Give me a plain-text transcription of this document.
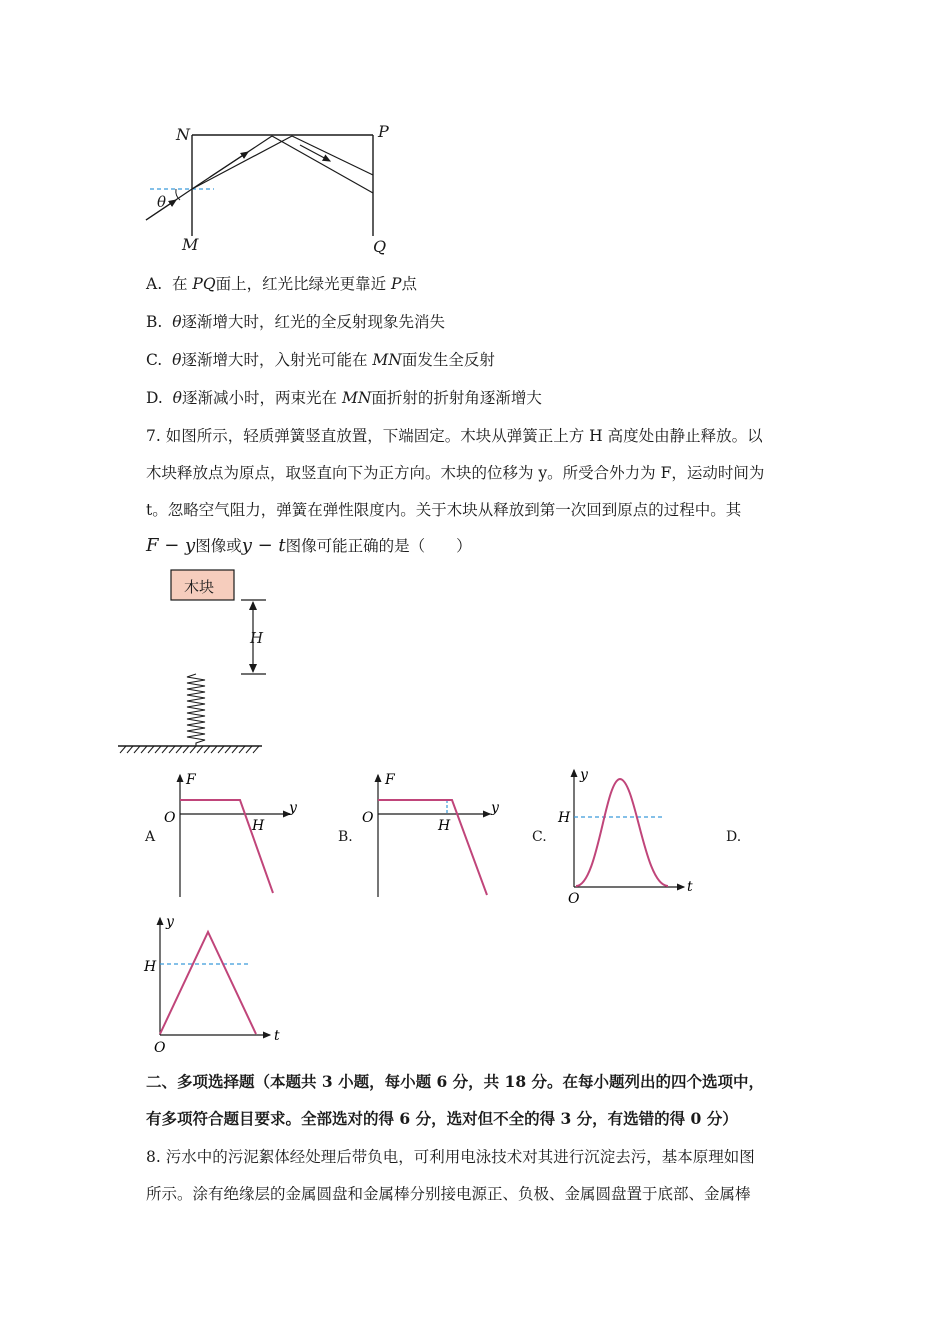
N	P
M	Q
θ
A. 在 PQ面上，红光比绿光更靠近 P点
B. θ逐渐增大时，红光的全反射现象先消失
C. θ逐渐增大时，入射光可能在 MN面发生全反射
D. θ逐渐减小时，两束光在 MN面折射的折射角逐渐增大
7. 如图所示，轻质弹簧竖直放置，下端固定。木块从弹簧正上方 H 高度处由静止释放。以
木块释放点为原点，取竖直向下为正方向。木块的位移为 y。所受合外力为 F，运动时间为
t。忽略空气阻力，弹簧在弹性限度内。关于木块从释放到第一次回到原点的过程中。其
F − y图像或y − t图像可能正确的是（　　）
木块
H
A	B.	C.	D.
F
y
O	H
F
y
O	H
y
t
O
H
y
t
O
H
二、多项选择题（本题共 3 小题，每小题 6 分，共 18 分。在每小题列出的四个选项中，
有多项符合题目要求。全部选对的得 6 分，选对但不全的得 3 分，有选错的得 0 分）
8. 污水中的污泥絮体经处理后带负电，可利用电泳技术对其进行沉淀去污，基本原理如图
所示。涂有绝缘层的金属圆盘和金属棒分别接电源正、负极、金属圆盘置于底部、金属棒
